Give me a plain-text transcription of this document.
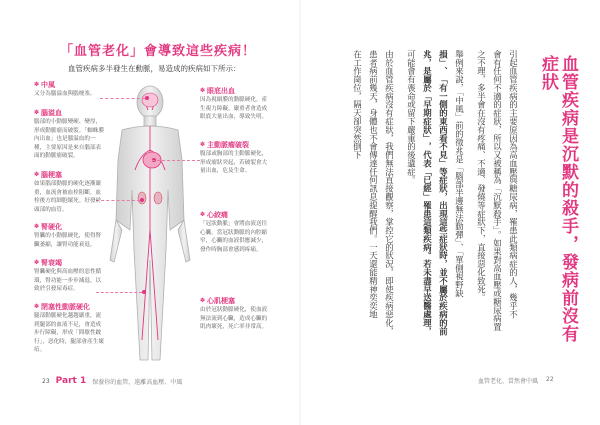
「血管老化」會導致這些疾病！
血管疾病多半發生在動脈，易造成的疾病如下所示：
✽ 中風
又分為腦溢血與腦梗塞。
✽ 腦溢血
腦部的小動脈變硬、變厚，形成動脈瘤而破裂。「蜘蛛膜內出血」也是腦溢血的一種，主要原因是來自腦部表面的動脈瘤破裂。
✽ 腦梗塞
如果腦部動脈的硬化逐漸嚴重，血流會被血栓阻斷，血栓後方的細胞壞死。好發於頭部的血管。
✽ 腎硬化
腎臟的小動脈硬化，使得腎臟萎縮，讓腎功能衰退。
✽ 腎衰竭
腎臟硬化與高血壓的惡性循環，腎功能一步步減退，以致於引發尿毒症。
✽ 閉塞性動脈硬化
腿部動脈硬化越趨嚴重，流到腿部的血液不足，會造成步行障礙，形成「間歇性跛行」，惡化時，腿部會產生壞疽。
✽ 眼底出血
因為視網膜的動脈硬化，產生視力障礙，嚴重者會造成眼底大量出血，導致失明。
✽ 主動脈瘤破裂
腹部或胸部的主動脈硬化，形成瘤狀突起，若破裂會大量出血，危及生命。
✽ 心絞痛
「冠狀動脈」會將血液送往心臟。當冠狀動脈的內腔縮窄，心臟的血液供應減少，發作時胸部會感到疼痛。
✽ 心肌梗塞
由於冠狀動脈硬化，使血液無法流到心臟，造成心臟的肌肉壞死，死亡率非常高。
23 Part 1 保養你的血管，遠離高血壓、中風
血管疾病是沉默的殺手，發病前沒有症狀
引起血管疾病的主要原因為高血壓與糖尿病，罹患此類病症的人，幾乎不
會有任何不適的症狀，所以又被稱為「沉默殺手」。如果對高血壓或糖尿病置
之不理，多半會在沒有疼痛、不適、發燒等症狀下，直接惡化致死。
舉例來說，「中風」前的徵兆是「腦部半邊無法動彈」、「單側視野缺
損」、「有一側的東西看不見」等症狀，出現這些症狀時，並不屬於疾病的前
兆，是屬於「早期症狀」，代表「已經」罹患這類疾病。若未盡早送醫處理，
可能會有喪命或留下嚴重的後遺症。
由於血管疾病沒有症狀，我們無法直接觀察，掌控它的狀況，即使疾病惡化，
患者病前幾天，身體也不會傳達任何訊息提醒我們。一天還能精神奕奕地
在工作崗位，隔天卻突然倒下
血管老化，當然會中風 22
